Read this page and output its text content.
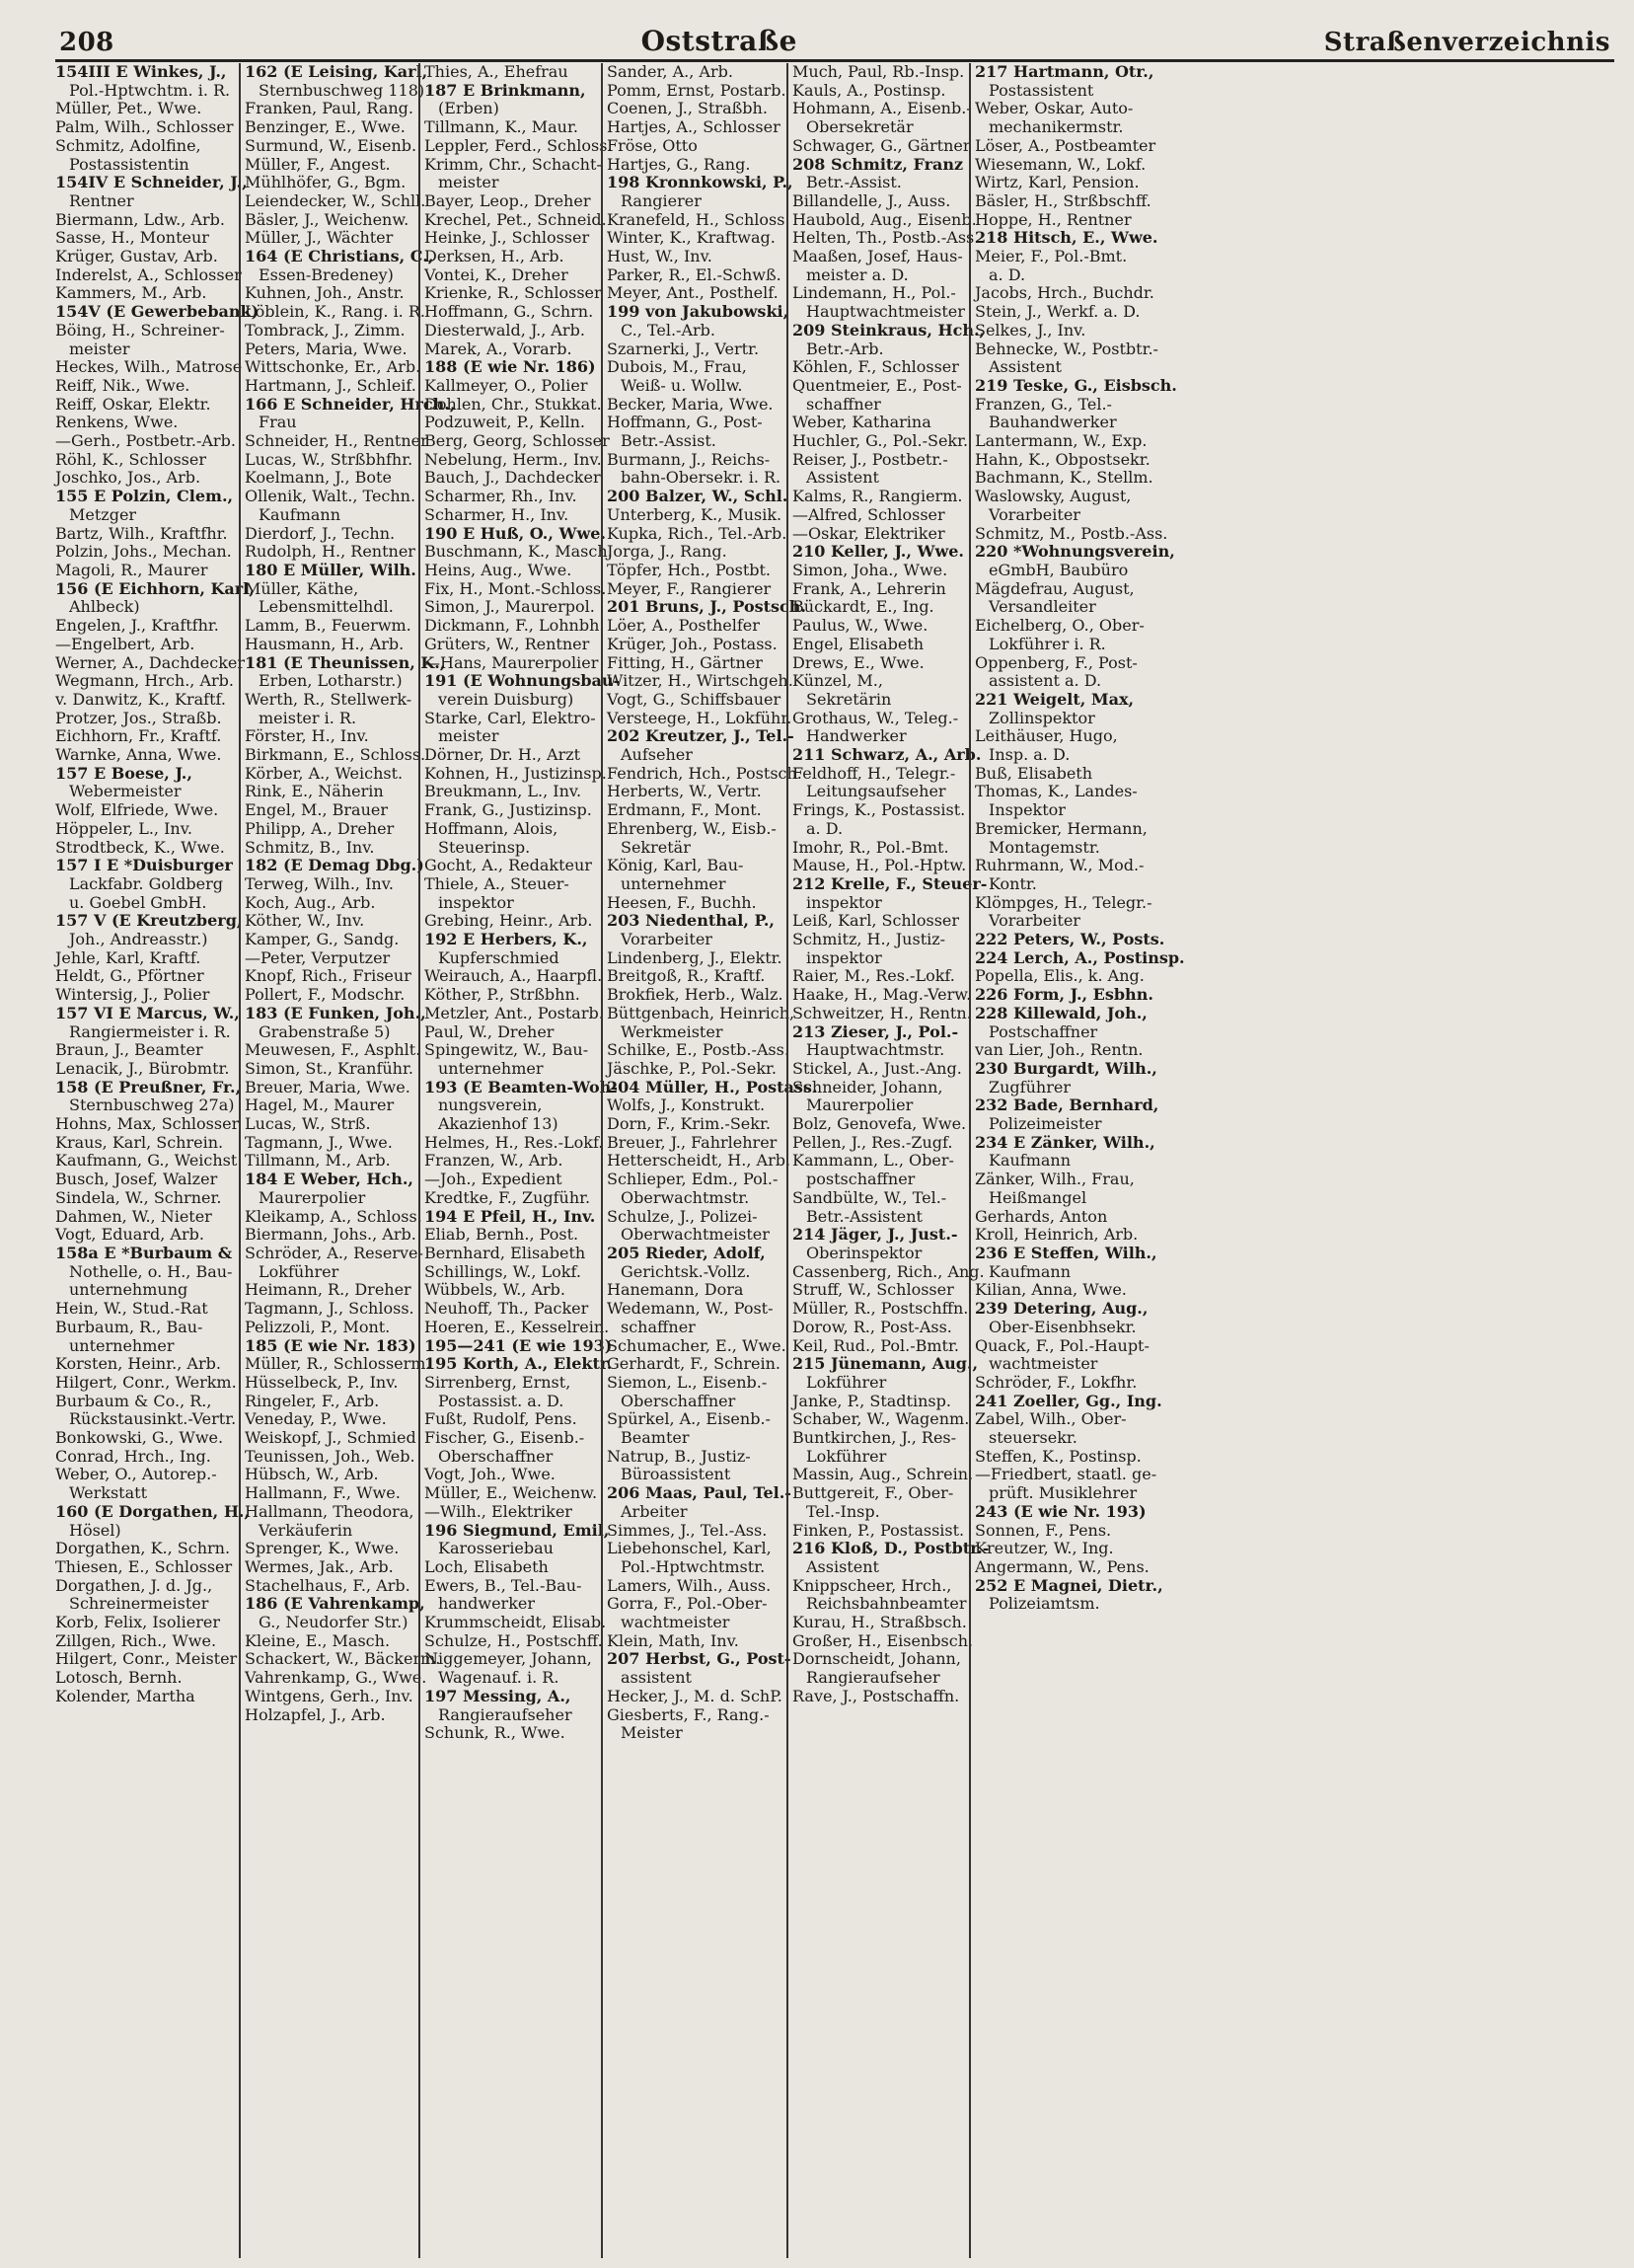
208	Oststraße	Straßenverzeichnis
154III E Winkes, J.,
Pol.-Hptwchtm. i. R.
Müller, Pet., Wwe.
Palm, Wilh., Schlosser
Schmitz, Adolfine,
Postassistentin
154IV E Schneider, J.,
Rentner
Biermann, Ldw., Arb.
Sasse, H., Monteur
Krüger, Gustav, Arb.
Inderelst, A., Schlosser
Kammers, M., Arb.
154V (E Gewerbebank)
Böing, H., Schreiner-
meister
Heckes, Wilh., Matrose
Reiff, Nik., Wwe.
Reiff, Oskar, Elektr.
Renkens, Wwe.
—Gerh., Postbetr.-Arb.
Röhl, K., Schlosser
Joschko, Jos., Arb.
155 E Polzin, Clem.,
Metzger
Bartz, Wilh., Kraftfhr.
Polzin, Johs., Mechan.
Magoli, R., Maurer
156 (E Eichhorn, Karl,
Ahlbeck)
Engelen, J., Kraftfhr.
—Engelbert, Arb.
Werner, A., Dachdecker
Wegmann, Hrch., Arb.
v. Danwitz, K., Kraftf.
Protzer, Jos., Straßb.
Eichhorn, Fr., Kraftf.
Warnke, Anna, Wwe.
157 E Boese, J.,
Webermeister
Wolf, Elfriede, Wwe.
Höppeler, L., Inv.
Strodtbeck, K., Wwe.
157 I E *Duisburger
Lackfabr. Goldberg
u. Goebel GmbH.
157 V (E Kreutzberg,
Joh., Andreasstr.)
Jehle, Karl, Kraftf.
Heldt, G., Pförtner
Wintersig, J., Polier
157 VI E Marcus, W.,
Rangiermeister i. R.
Braun, J., Beamter
Lenacik, J., Bürobmtr.
158 (E Preußner, Fr.,
Sternbuschweg 27a)
Hohns, Max, Schlosser
Kraus, Karl, Schrein.
Kaufmann, G., Weichst.
Busch, Josef, Walzer
Sindela, W., Schrner.
Dahmen, W., Nieter
Vogt, Eduard, Arb.
158a E *Burbaum &
Nothelle, o. H., Bau-
unternehmung
Hein, W., Stud.-Rat
Burbaum, R., Bau-
unternehmer
Korsten, Heinr., Arb.
Hilgert, Conr., Werkm.
Burbaum & Co., R.,
Rückstausinkt.-Vertr.
Bonkowski, G., Wwe.
Conrad, Hrch., Ing.
Weber, O., Autorep.-
Werkstatt
160 (E Dorgathen, H.,
Hösel)
Dorgathen, K., Schrn.
Thiesen, E., Schlosser
Dorgathen, J. d. Jg.,
Schreinermeister
Korb, Felix, Isolierer
Zillgen, Rich., Wwe.
Hilgert, Conr., Meister
Lotosch, Bernh.
Kolender, Martha
162 (E Leising, Karl,
Sternbuschweg 118)
Franken, Paul, Rang.
Benzinger, E., Wwe.
Surmund, W., Eisenb.
Müller, F., Angest.
Mühlhöfer, G., Bgm.
Leiendecker, W., Schll.
Bäsler, J., Weichenw.
Müller, J., Wächter
164 (E Christians, C.,
Essen-Bredeney)
Kuhnen, Joh., Anstr.
Löblein, K., Rang. i. R.
Tombrack, J., Zimm.
Peters, Maria, Wwe.
Wittschonke, Er., Arb.
Hartmann, J., Schleif.
166 E Schneider, Hrch.,
Frau
Schneider, H., Rentner
Lucas, W., Strßbhfhr.
Koelmann, J., Bote
Ollenik, Walt., Techn.
Kaufmann
Dierdorf, J., Techn.
Rudolph, H., Rentner
180 E Müller, Wilh.
Müller, Käthe,
Lebensmittelhdl.
Lamm, B., Feuerwm.
Hausmann, H., Arb.
181 (E Theunissen, K.,
Erben, Lotharstr.)
Werth, R., Stellwerk-
meister i. R.
Förster, H., Inv.
Birkmann, E., Schloss.
Körber, A., Weichst.
Rink, E., Näherin
Engel, M., Brauer
Philipp, A., Dreher
Schmitz, B., Inv.
182 (E Demag Dbg.)
Terweg, Wilh., Inv.
Koch, Aug., Arb.
Köther, W., Inv.
Kamper, G., Sandg.
—Peter, Verputzer
Knopf, Rich., Friseur
Pollert, F., Modschr.
183 (E Funken, Joh.,
Grabenstraße 5)
Meuwesen, F., Asphlt.
Simon, St., Kranführ.
Breuer, Maria, Wwe.
Hagel, M., Maurer
Lucas, W., Strß.
Tagmann, J., Wwe.
Tillmann, M., Arb.
184 E Weber, Hch.,
Maurerpolier
Kleikamp, A., Schloss.
Biermann, Johs., Arb.
Schröder, A., Reserve-
Lokführer
Heimann, R., Dreher
Tagmann, J., Schloss.
Pelizzoli, P., Mont.
185 (E wie Nr. 183)
Müller, R., Schlosserm.
Hüsselbeck, P., Inv.
Ringeler, F., Arb.
Veneday, P., Wwe.
Weiskopf, J., Schmied
Teunissen, Joh., Web.
Hübsch, W., Arb.
Hallmann, F., Wwe.
Hallmann, Theodora,
Verkäuferin
Sprenger, K., Wwe.
Wermes, Jak., Arb.
Stachelhaus, F., Arb.
186 (E Vahrenkamp,
G., Neudorfer Str.)
Kleine, E., Masch.
Schackert, W., Bäckerm.
Vahrenkamp, G., Wwe.
Wintgens, Gerh., Inv.
Holzapfel, J., Arb.
Thies, A., Ehefrau
187 E Brinkmann,
(Erben)
Tillmann, K., Maur.
Leppler, Ferd., Schloss.
Krimm, Chr., Schacht-
meister
Bayer, Leop., Dreher
Krechel, Pet., Schneid.
Heinke, J., Schlosser
Derksen, H., Arb.
Vontei, K., Dreher
Krienke, R., Schlosser
Hoffmann, G., Schrn.
Diesterwald, J., Arb.
Marek, A., Vorarb.
188 (E wie Nr. 186)
Kallmeyer, O., Polier
Dohlen, Chr., Stukkat.
Podzuweit, P., Kelln.
Berg, Georg, Schlosser
Nebelung, Herm., Inv.
Bauch, J., Dachdecker
Scharmer, Rh., Inv.
Scharmer, H., Inv.
190 E Huß, O., Wwe.
Buschmann, K., Masch.
Heins, Aug., Wwe.
Fix, H., Mont.-Schloss.
Simon, J., Maurerpol.
Dickmann, F., Lohnbh.
Grüters, W., Rentner
—Hans, Maurerpolier
191 (E Wohnungsbau-
verein Duisburg)
Starke, Carl, Elektro-
meister
Dörner, Dr. H., Arzt
Kohnen, H., Justizinsp.
Breukmann, L., Inv.
Frank, G., Justizinsp.
Hoffmann, Alois,
Steuerinsp.
Gocht, A., Redakteur
Thiele, A., Steuer-
inspektor
Grebing, Heinr., Arb.
192 E Herbers, K.,
Kupferschmied
Weirauch, A., Haarpfl.
Köther, P., Strßbhn.
Metzler, Ant., Postarb.
Paul, W., Dreher
Spingewitz, W., Bau-
unternehmer
193 (E Beamten-Woh-
nungsverein,
Akazienhof 13)
Helmes, H., Res.-Lokf.
Franzen, W., Arb.
—Joh., Expedient
Kredtke, F., Zugführ.
194 E Pfeil, H., Inv.
Eliab, Bernh., Post.
Bernhard, Elisabeth
Schillings, W., Lokf.
Wübbels, W., Arb.
Neuhoff, Th., Packer
Hoeren, E., Kesselrein.
195—241 (E wie 193)
195 Korth, A., Elektr.
Sirrenberg, Ernst,
Postassist. a. D.
Fußt, Rudolf, Pens.
Fischer, G., Eisenb.-
Oberschaffner
Vogt, Joh., Wwe.
Müller, E., Weichenw.
—Wilh., Elektriker
196 Siegmund, Emil,
Karosseriebau
Loch, Elisabeth
Ewers, B., Tel.-Bau-
handwerker
Krummscheidt, Elisab.
Schulze, H., Postschff.
Niggemeyer, Johann,
Wagenauf. i. R.
197 Messing, A.,
Rangieraufseher
Schunk, R., Wwe.
Sander, A., Arb.
Pomm, Ernst, Postarb.
Coenen, J., Straßbh.
Hartjes, A., Schlosser
Fröse, Otto
Hartjes, G., Rang.
198 Kronnkowski, P.,
Rangierer
Kranefeld, H., Schloss.
Winter, K., Kraftwag.
Hust, W., Inv.
Parker, R., El.-Schwß.
Meyer, Ant., Posthelf.
199 von Jakubowski,
C., Tel.-Arb.
Szarnerki, J., Vertr.
Dubois, M., Frau,
Weiß- u. Wollw.
Becker, Maria, Wwe.
Hoffmann, G., Post-
Betr.-Assist.
Burmann, J., Reichs-
bahn-Obersekr. i. R.
200 Balzer, W., Schl.
Unterberg, K., Musik.
Kupka, Rich., Tel.-Arb.
Jorga, J., Rang.
Töpfer, Hch., Postbt.
Meyer, F., Rangierer
201 Bruns, J., Postsch.
Löer, A., Posthelfer
Krüger, Joh., Postass.
Fitting, H., Gärtner
Witzer, H., Wirtschgeh.
Vogt, G., Schiffsbauer
Versteege, H., Lokführ.
202 Kreutzer, J., Tel.-
Aufseher
Fendrich, Hch., Postsch.
Herberts, W., Vertr.
Erdmann, F., Mont.
Ehrenberg, W., Eisb.-
Sekretär
König, Karl, Bau-
unternehmer
Heesen, F., Buchh.
203 Niedenthal, P.,
Vorarbeiter
Lindenberg, J., Elektr.
Breitgoß, R., Kraftf.
Brokfiek, Herb., Walz.
Büttgenbach, Heinrich,
Werkmeister
Schilke, E., Postb.-Ass.
Jäschke, P., Pol.-Sekr.
204 Müller, H., Postass.
Wolfs, J., Konstrukt.
Dorn, F., Krim.-Sekr.
Breuer, J., Fahrlehrer
Hetterscheidt, H., Arb.
Schlieper, Edm., Pol.-
Oberwachtmstr.
Schulze, J., Polizei-
Oberwachtmeister
205 Rieder, Adolf,
Gerichtsk.-Vollz.
Hanemann, Dora
Wedemann, W., Post-
schaffner
Schumacher, E., Wwe.
Gerhardt, F., Schrein.
Siemon, L., Eisenb.-
Oberschaffner
Spürkel, A., Eisenb.-
Beamter
Natrup, B., Justiz-
Büroassistent
206 Maas, Paul, Tel.-
Arbeiter
Simmes, J., Tel.-Ass.
Liebehonschel, Karl,
Pol.-Hptwchtmstr.
Lamers, Wilh., Auss.
Gorra, F., Pol.-Ober-
wachtmeister
Klein, Math, Inv.
207 Herbst, G., Post-
assistent
Hecker, J., M. d. SchP.
Giesberts, F., Rang.-
Meister
Much, Paul, Rb.-Insp.
Kauls, A., Postinsp.
Hohmann, A., Eisenb.-
Obersekretär
Schwager, G., Gärtner
208 Schmitz, Franz
Betr.-Assist.
Billandelle, J., Auss.
Haubold, Aug., Eisenb.
Helten, Th., Postb.-Ass.
Maaßen, Josef, Haus-
meister a. D.
Lindemann, H., Pol.-
Hauptwachtmeister
209 Steinkraus, Hch.,
Betr.-Arb.
Köhlen, F., Schlosser
Quentmeier, E., Post-
schaffner
Weber, Katharina
Huchler, G., Pol.-Sekr.
Reiser, J., Postbetr.-
Assistent
Kalms, R., Rangierm.
—Alfred, Schlosser
—Oskar, Elektriker
210 Keller, J., Wwe.
Simon, Joha., Wwe.
Frank, A., Lehrerin
Bückardt, E., Ing.
Paulus, W., Wwe.
Engel, Elisabeth
Drews, E., Wwe.
Künzel, M.,
Sekretärin
Grothaus, W., Teleg.-
Handwerker
211 Schwarz, A., Arb.
Feldhoff, H., Telegr.-
Leitungsaufseher
Frings, K., Postassist.
a. D.
Imohr, R., Pol.-Bmt.
Mause, H., Pol.-Hptw.
212 Krelle, F., Steuer-
inspektor
Leiß, Karl, Schlosser
Schmitz, H., Justiz-
inspektor
Raier, M., Res.-Lokf.
Haake, H., Mag.-Verw.
Schweitzer, H., Rentn.
213 Zieser, J., Pol.-
Hauptwachtmstr.
Stickel, A., Just.-Ang.
Schneider, Johann,
Maurerpolier
Bolz, Genovefa, Wwe.
Pellen, J., Res.-Zugf.
Kammann, L., Ober-
postschaffner
Sandbülte, W., Tel.-
Betr.-Assistent
214 Jäger, J., Just.-
Oberinspektor
Cassenberg, Rich., Ang.
Struff, W., Schlosser
Müller, R., Postschffn.
Dorow, R., Post-Ass.
Keil, Rud., Pol.-Bmtr.
215 Jünemann, Aug.,
Lokführer
Janke, P., Stadtinsp.
Schaber, W., Wagenm.
Buntkirchen, J., Res-
Lokführer
Massin, Aug., Schrein.
Buttgereit, F., Ober-
Tel.-Insp.
Finken, P., Postassist.
216 Kloß, D., Postbtr.-
Assistent
Knippscheer, Hrch.,
Reichsbahnbeamter
Kurau, H., Straßbsch.
Großer, H., Eisenbsch.
Dornscheidt, Johann,
Rangieraufseher
Rave, J., Postschaffn.
217 Hartmann, Otr.,
Postassistent
Weber, Oskar, Auto-
mechanikermstr.
Löser, A., Postbeamter
Wiesemann, W., Lokf.
Wirtz, Karl, Pension.
Bäsler, H., Strßbschff.
Hoppe, H., Rentner
218 Hitsch, E., Wwe.
Meier, F., Pol.-Bmt.
a. D.
Jacobs, Hrch., Buchdr.
Stein, J., Werkf. a. D.
Selkes, J., Inv.
Behnecke, W., Postbtr.-
Assistent
219 Teske, G., Eisbsch.
Franzen, G., Tel.-
Bauhandwerker
Lantermann, W., Exp.
Hahn, K., Obpostsekr.
Bachmann, K., Stellm.
Waslowsky, August,
Vorarbeiter
Schmitz, M., Postb.-Ass.
220 *Wohnungsverein,
eGmbH, Baubüro
Mägdefrau, August,
Versandleiter
Eichelberg, O., Ober-
Lokführer i. R.
Oppenberg, F., Post-
assistent a. D.
221 Weigelt, Max,
Zollinspektor
Leithäuser, Hugo,
Insp. a. D.
Buß, Elisabeth
Thomas, K., Landes-
Inspektor
Bremicker, Hermann,
Montagemstr.
Ruhrmann, W., Mod.-
Kontr.
Klömpges, H., Telegr.-
Vorarbeiter
222 Peters, W., Posts.
224 Lerch, A., Postinsp.
Popella, Elis., k. Ang.
226 Form, J., Esbhn.
228 Killewald, Joh.,
Postschaffner
van Lier, Joh., Rentn.
230 Burgardt, Wilh.,
Zugführer
232 Bade, Bernhard,
Polizeimeister
234 E Zänker, Wilh.,
Kaufmann
Zänker, Wilh., Frau,
Heißmangel
Gerhards, Anton
Kroll, Heinrich, Arb.
236 E Steffen, Wilh.,
Kaufmann
Kilian, Anna, Wwe.
239 Detering, Aug.,
Ober-Eisenbhsekr.
Quack, F., Pol.-Haupt-
wachtmeister
Schröder, F., Lokfhr.
241 Zoeller, Gg., Ing.
Zabel, Wilh., Ober-
steuersekr.
Steffen, K., Postinsp.
—Friedbert, staatl. ge-
prüft. Musiklehrer
243 (E wie Nr. 193)
Sonnen, F., Pens.
Kreutzer, W., Ing.
Angermann, W., Pens.
252 E Magnei, Dietr.,
Polizeiamtsm.
